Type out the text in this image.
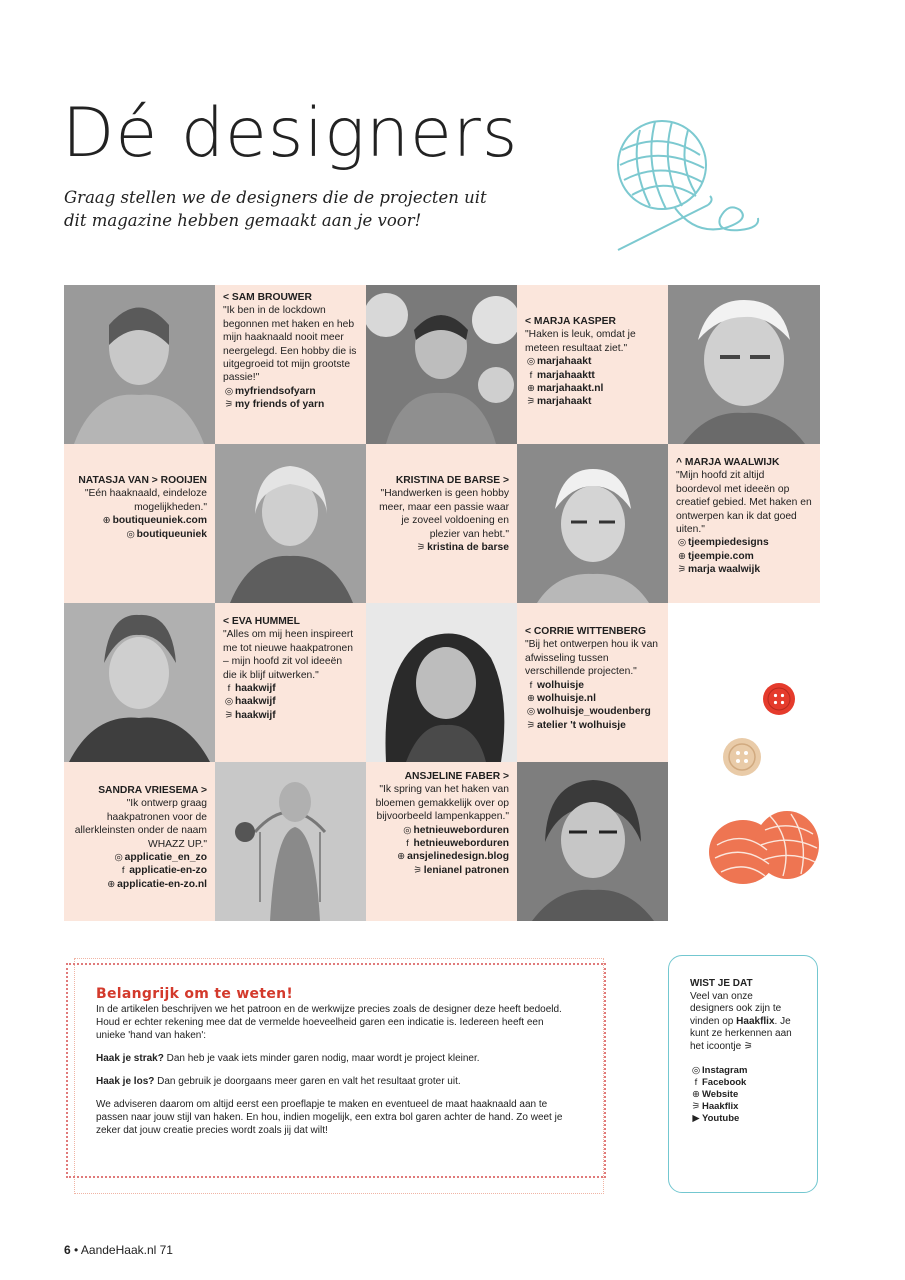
Dé designers
Graag stellen we de designers die de projecten uit dit magazine hebben gemaakt aan je voor!
< SAM BROUWER
"Ik ben in de lockdown begonnen met haken en heb mijn haaknaald nooit meer neergelegd. Een hobby die is uitgegroeid tot mijn grootste passie!"
◎ myfriendsofyarn
⚞ my friends of yarn
< MARJA KASPER
"Haken is leuk, omdat je meteen resultaat ziet."
◎ marjahaakt
f marjahaaktt
⊕ marjahaakt.nl
⚞ marjahaakt
NATASJA VAN > ROOIJEN
"Eén haaknaald, eindeloze mogelijkheden."
⊕ boutiqueuniek.com
◎ boutiqueuniek
KRISTINA DE BARSE >
"Handwerken is geen hobby meer, maar een passie waar je zoveel voldoening en plezier van hebt."
⚞ kristina de barse
^ MARJA WAALWIJK
"Mijn hoofd zit altijd boordevol met ideeën op creatief gebied. Met haken en ontwerpen kan ik dat goed uiten."
◎ tjeempiedesigns
⊕ tjeempie.com
⚞ marja waalwijk
< EVA HUMMEL
"Alles om mij heen inspireert me tot nieuwe haakpatronen – mijn hoofd zit vol ideeën die ik blijf uitwerken."
f haakwijf
◎ haakwijf
⚞ haakwijf
< CORRIE WITTENBERG
"Bij het ontwerpen hou ik van afwisseling tussen verschillende projecten."
f wolhuisje
⊕ wolhuisje.nl
◎ wolhuisje_woudenberg
⚞ atelier 't wolhuisje
SANDRA VRIESEMA >
"Ik ontwerp graag haakpatronen voor de allerkleinsten onder de naam WHAZZ UP."
◎ applicatie_en_zo
f applicatie-en-zo
⊕ applicatie-en-zo.nl
ANSJELINE FABER >
"Ik spring van het haken van bloemen gemakkelijk over op bijvoorbeeld lampenkappen."
◎ hetnieuweborduren
f hetnieuweborduren
⊕ ansjelinedesign.blog
⚞ lenianel patronen
Belangrijk om te weten!

In de artikelen beschrijven we het patroon en de werkwijze precies zoals de designer deze heeft bedoeld. Houd er echter rekening mee dat de vermelde hoeveelheid garen een indicatie is. Iedereen heeft een unieke 'hand van haken':

Haak je strak? Dan heb je vaak iets minder garen nodig, maar wordt je project kleiner.

Haak je los? Dan gebruik je doorgaans meer garen en valt het resultaat groter uit.

We adviseren daarom om altijd eerst een proeflapje te maken en eventueel de maat haaknaald aan te passen naar jouw stijl van haken. En hou, indien mogelijk, een extra bol garen achter de hand. Zo weet je zeker dat jouw creatie precies wordt zoals jij dat wilt!

WIST JE DAT
Veel van onze designers ook zijn te vinden op Haakflix. Je kunt ze herkennen aan het icoontje ⚞
◎ Instagram
f Facebook
⊕ Website
⚞ Haakflix
▶ Youtube
6 • AandeHaak.nl 71
